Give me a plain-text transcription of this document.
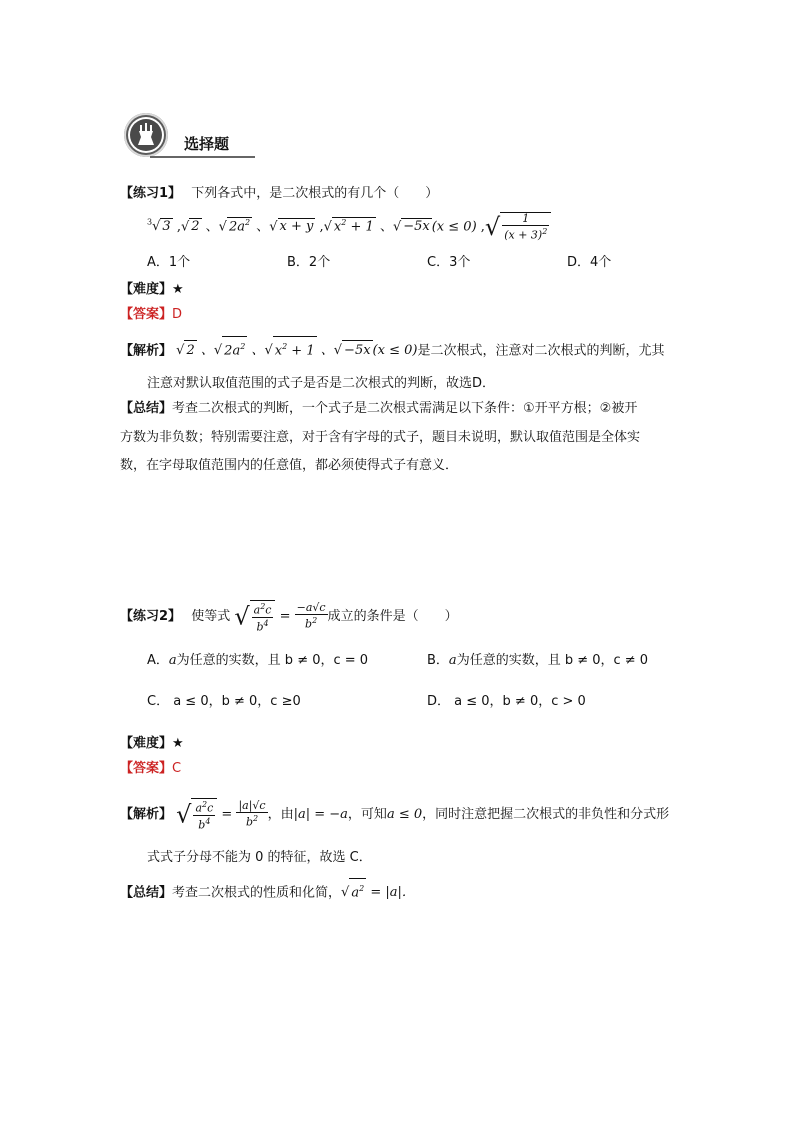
选择题
【练习1】 下列各式中，是二次根式的有几个（　　）
$^3$√ 3 ,√ 2 、√ $2a^2$ 、√ x + y ,√ $x^2 + 1$ 、√ −5x (x ≤ 0) ,√ $\frac{1}{(x + 3)^2}$
A．1个	B．2个	C．3个	D．4个
【难度】★
【答案】D
【解析】 √ 2 、√ $2a^2$ 、√ $x^2 + 1$ 、√ −5x (x ≤ 0)是二次根式，注意对二次根式的判断，尤其
注意对默认取值范围的式子是否是二次根式的判断，故选D．
【总结】考查二次根式的判断，一个式子是二次根式需满足以下条件：①开平方根；②被开
方数为非负数；特别需要注意，对于含有字母的式子，题目未说明，默认取值范围是全体实
数，在字母取值范围内的任意值，都必须使得式子有意义．
【练习2】 使等式 √ $\frac{a^2c}{b^4} = \frac{-a√c}{b^2}$ 成立的条件是（　　）
A．a为任意的实数，且 b ≠ 0，c = 0	B．a为任意的实数，且 b ≠ 0，c ≠ 0
C． a ≤ 0，b ≠ 0，c ≥0	D． a ≤ 0，b ≠ 0，c > 0
【难度】★
【答案】C
【解析】 √ $\frac{a^2c}{b^4} = \frac{|a|√c}{b^2}$ ，由|a| = −a，可知a ≤ 0，同时注意把握二次根式的非负性和分式形
式式子分母不能为 0 的特征，故选 C．
【总结】考查二次根式的性质和化简，√ $a^2 = |a|$．
